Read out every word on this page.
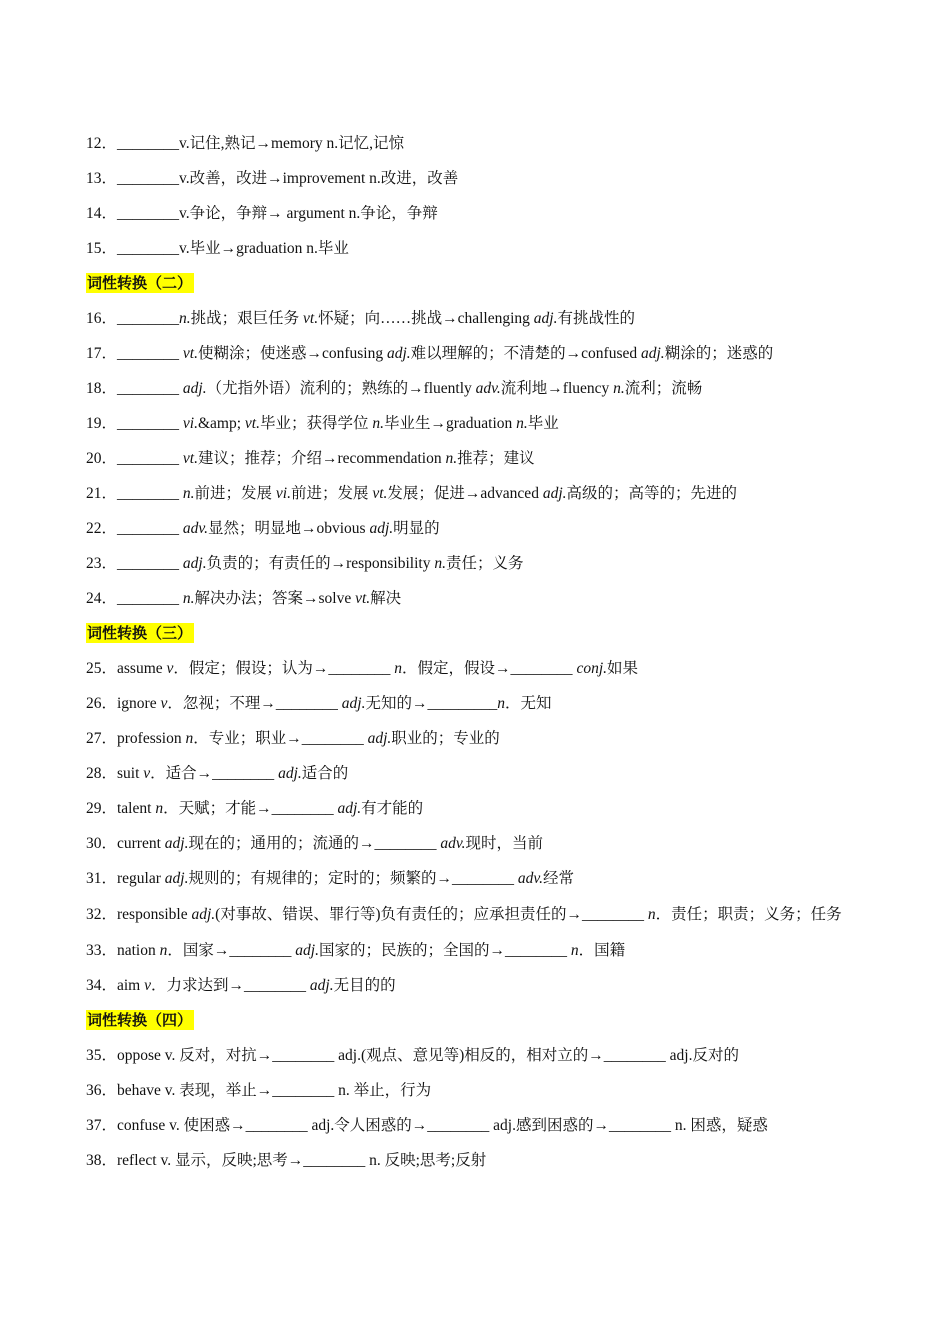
12．________v.记住,熟记→memory n.记忆,记惊
13．________v.改善，改进→improvement n.改进，改善
14．________v.争论，争辩→ argument n.争论，争辩
15．________v.毕业→graduation n.毕业
词性转换（二）
16．________n.挑战；艰巨任务 vt.怀疑；向……挑战→challenging adj.有挑战性的
17．________ vt.使糊涂；使迷惑→confusing adj.难以理解的；不清楚的→confused adj.糊涂的；迷惑的
18．________ adj.（尤指外语）流利的；熟练的→fluently adv.流利地→fluency n.流利；流畅
19．________ vi.&amp; vt.毕业；获得学位 n.毕业生→graduation n.毕业
20．________ vt.建议；推荐；介绍→recommendation n.推荐；建议
21．________ n.前进；发展 vi.前进；发展 vt.发展；促进→advanced adj.高级的；高等的；先进的
22．________ adv.显然；明显地→obvious adj.明显的
23．________ adj.负责的；有责任的→responsibility n.责任；义务
24．________ n.解决办法；答案→solve vt.解决
词性转换（三）
25．assume v．假定；假设；认为→________ n．假定，假设→________ conj.如果
26．ignore v．忽视；不理→________ adj.无知的→_________n．无知
27．profession n．专业；职业→________ adj.职业的；专业的
28．suit v．适合→________ adj.适合的
29．talent n．天赋；才能→________ adj.有才能的
30．current adj.现在的；通用的；流通的→________ adv.现时，当前
31．regular adj.规则的；有规律的；定时的；频繁的→________ adv.经常
32．responsible adj.(对事故、错误、罪行等)负有责任的；应承担责任的→________ n．责任；职责；义务；任务
33．nation n．国家→________ adj.国家的；民族的；全国的→________ n．国籍
34．aim v．力求达到→________ adj.无目的的
词性转换（四）
35．oppose v. 反对，对抗→________ adj.(观点、意见等)相反的，相对立的→________ adj.反对的
36．behave v. 表现，举止→________ n. 举止，行为
37．confuse v. 使困惑→________ adj.令人困惑的→________ adj.感到困惑的→________ n. 困惑，疑惑
38．reflect v. 显示，反映;思考→________ n. 反映;思考;反射
